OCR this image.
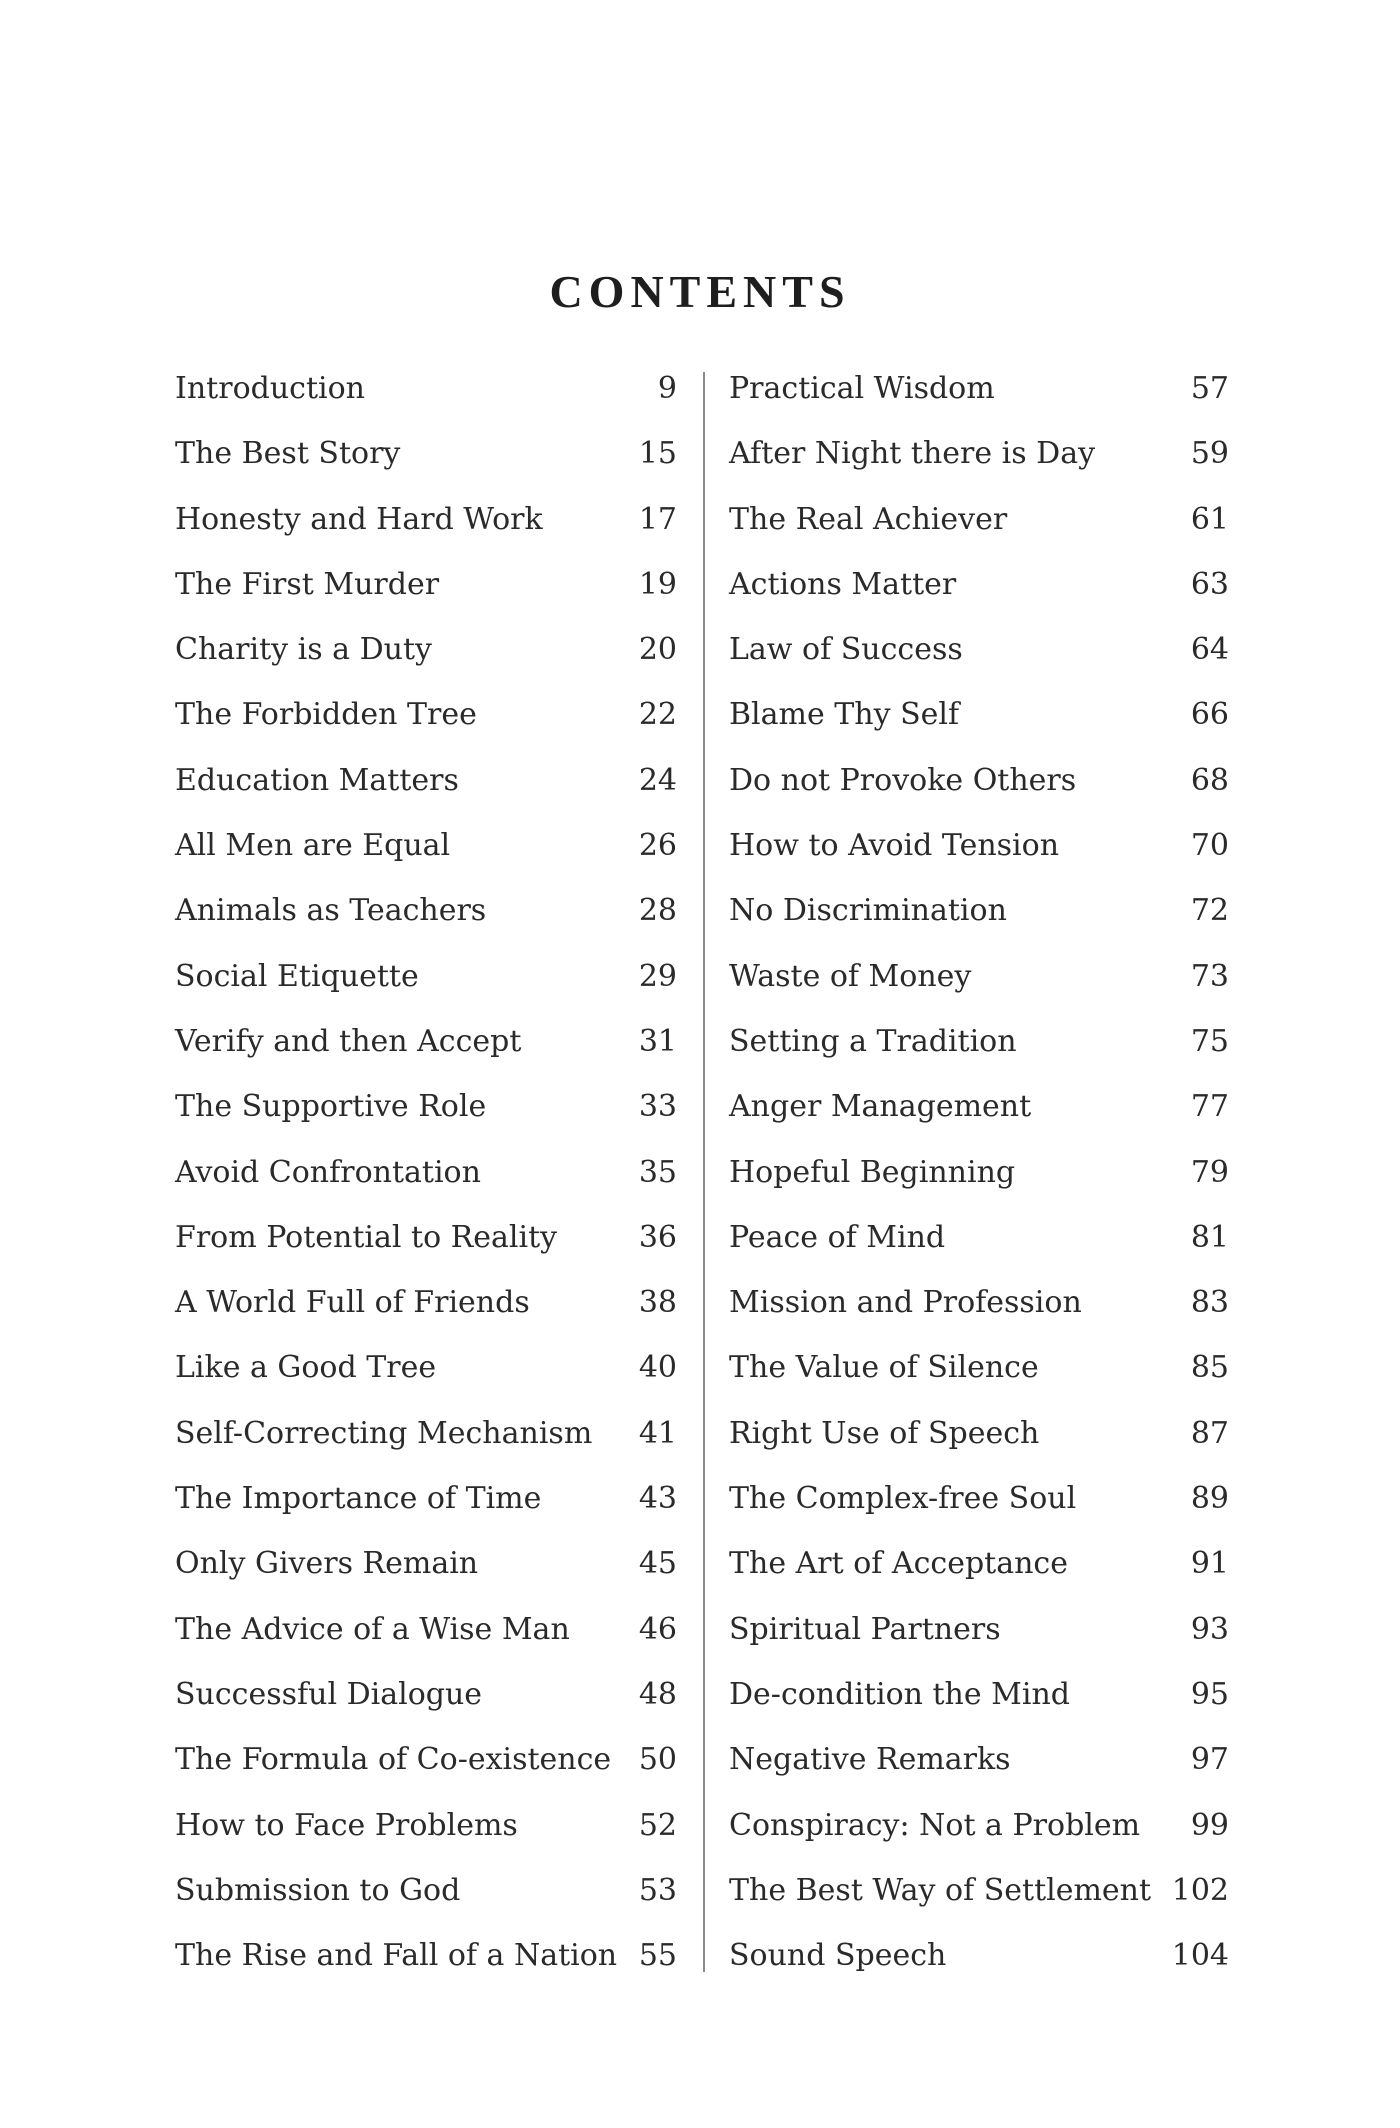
CONTENTS
Introduction	9
The Best Story	15
Honesty and Hard Work	17
The First Murder	19
Charity is a Duty	20
The Forbidden Tree	22
Education Matters	24
All Men are Equal	26
Animals as Teachers	28
Social Etiquette	29
Verify and then Accept	31
The Supportive Role	33
Avoid Confrontation	35
From Potential to Reality	36
A World Full of Friends	38
Like a Good Tree	40
Self-Correcting Mechanism	41
The Importance of Time	43
Only Givers Remain	45
The Advice of a Wise Man	46
Successful Dialogue	48
The Formula of Co-existence 50
How to Face Problems	52
Submission to God	53
The Rise and Fall of a Nation 55
Practical Wisdom	57
After Night there is Day	59
The Real Achiever	61
Actions Matter	63
Law of Success	64
Blame Thy Self	66
Do not Provoke Others	68
How to Avoid Tension	70
No Discrimination	72
Waste of Money	73
Setting a Tradition	75
Anger Management	77
Hopeful Beginning	79
Peace of Mind	81
Mission and Profession	83
The Value of Silence	85
Right Use of Speech	87
The Complex-free Soul	89
The Art of Acceptance	91
Spiritual Partners	93
De-condition the Mind	95
Negative Remarks	97
Conspiracy: Not a Problem	99
The Best Way of Settlement 102
Sound Speech	104
